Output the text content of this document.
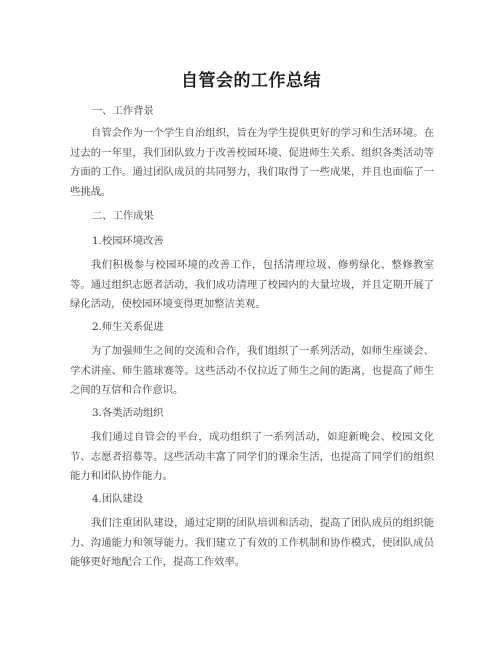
自管会的工作总结
一、工作背景

自管会作为一个学生自治组织，旨在为学生提供更好的学习和生活环境。在过去的一年里，我们团队致力于改善校园环境、促进师生关系、组织各类活动等方面的工作。通过团队成员的共同努力，我们取得了一些成果，并且也面临了一些挑战。

二、工作成果
1.校园环境改善

我们积极参与校园环境的改善工作，包括清理垃圾、修剪绿化、整修教室等。通过组织志愿者活动，我们成功清理了校园内的大量垃圾，并且定期开展了绿化活动，使校园环境变得更加整洁美观。

2.师生关系促进

为了加强师生之间的交流和合作，我们组织了一系列活动，如师生座谈会、学术讲座、师生篮球赛等。这些活动不仅拉近了师生之间的距离，也提高了师生之间的互信和合作意识。

3.各类活动组织

我们通过自管会的平台，成功组织了一系列活动，如迎新晚会、校园文化节、志愿者招募等。这些活动丰富了同学们的课余生活，也提高了同学们的组织能力和团队协作能力。

4.团队建设

我们注重团队建设，通过定期的团队培训和活动，提高了团队成员的组织能力、沟通能力和领导能力。我们建立了有效的工作机制和协作模式，使团队成员能够更好地配合工作，提高工作效率。
